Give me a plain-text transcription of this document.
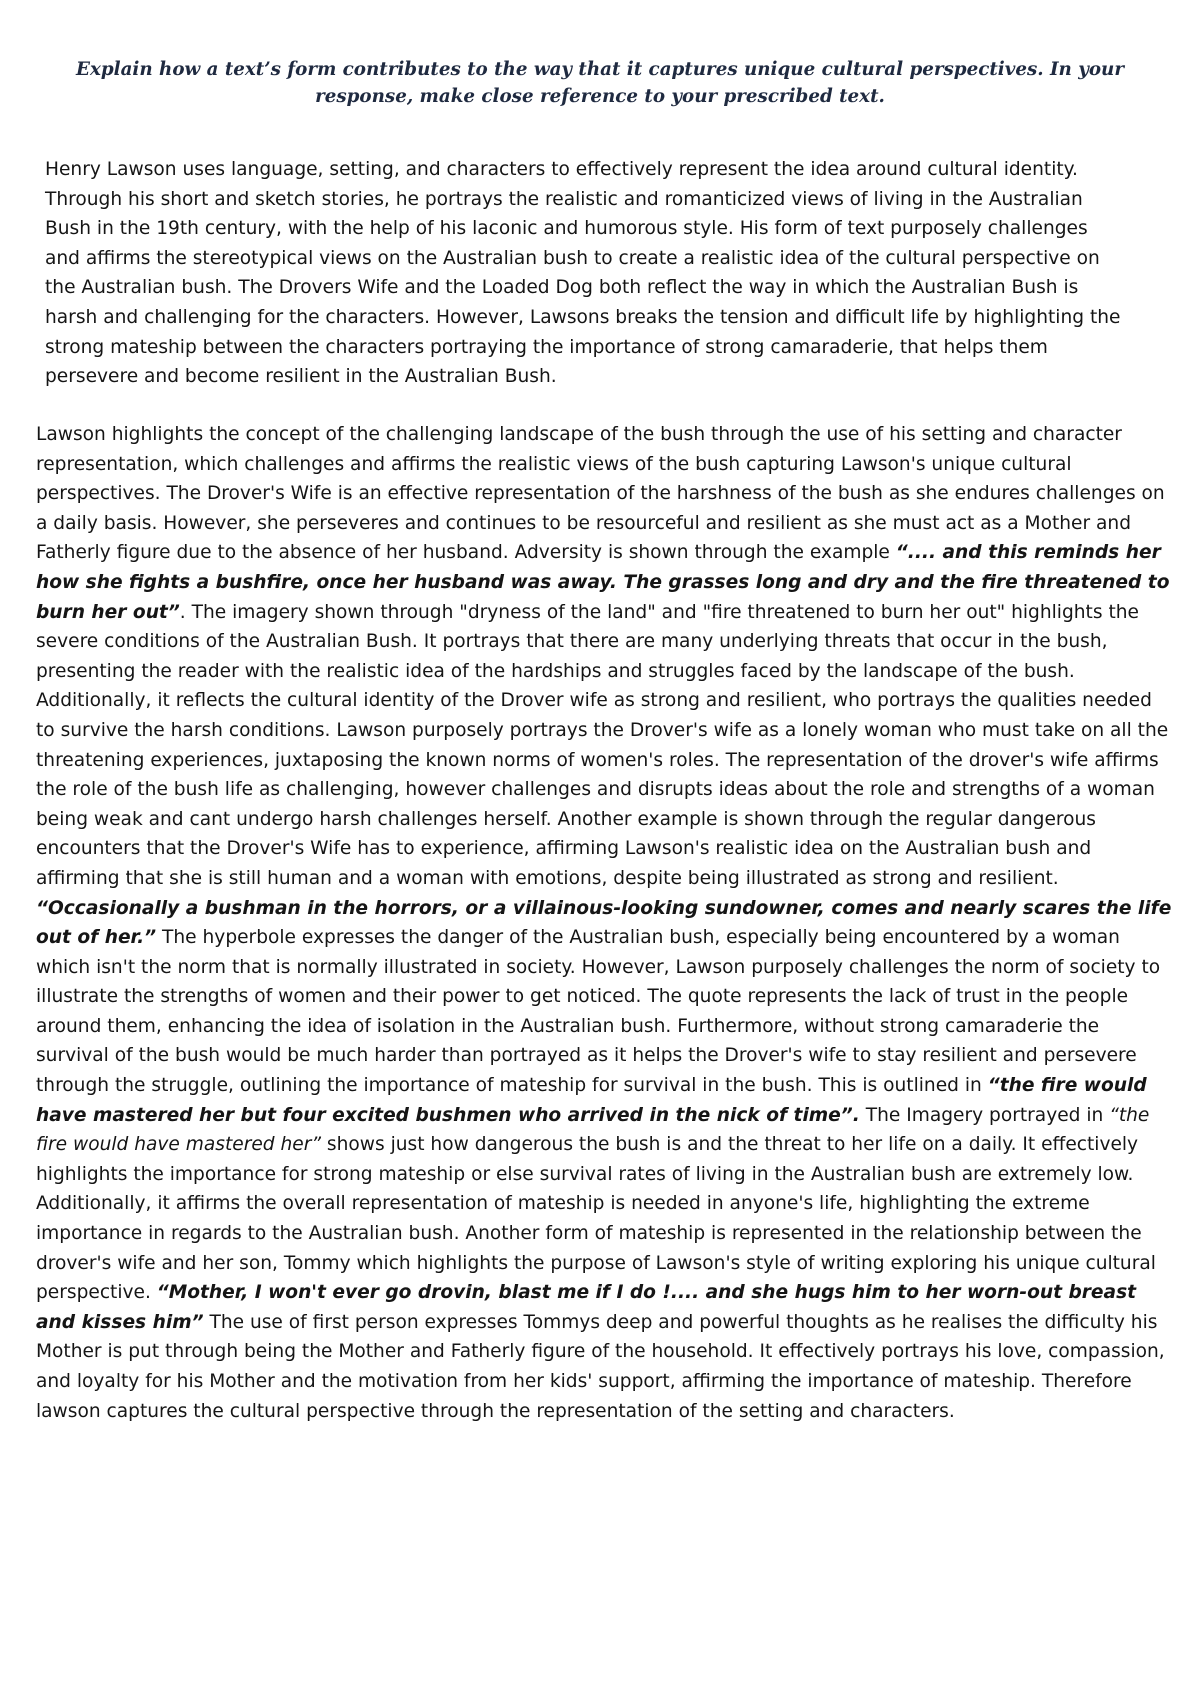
Explain how a text’s form contributes to the way that it captures unique cultural perspectives. In your response, make close reference to your prescribed text.

Henry Lawson uses language, setting, and characters to effectively represent the idea around cultural identity. Through his short and sketch stories, he portrays the realistic and romanticized views of living in the Australian Bush in the 19th century, with the help of his laconic and humorous style. His form of text purposely challenges and affirms the stereotypical views on the Australian bush to create a realistic idea of the cultural perspective on the Australian bush. The Drovers Wife and the Loaded Dog both reflect the way in which the Australian Bush is harsh and challenging for the characters. However, Lawsons breaks the tension and difficult life by highlighting the strong mateship between the characters portraying the importance of strong camaraderie, that helps them persevere and become resilient in the Australian Bush.

Lawson highlights the concept of the challenging landscape of the bush through the use of his setting and character representation, which challenges and affirms the realistic views of the bush capturing Lawson's unique cultural perspectives. The Drover's Wife is an effective representation of the harshness of the bush as she endures challenges on a daily basis. However, she perseveres and continues to be resourceful and resilient as she must act as a Mother and Fatherly figure due to the absence of her husband. Adversity is shown through the example “.... and this reminds her how she fights a bushfire, once her husband was away. The grasses long and dry and the fire threatened to burn her out”. The imagery shown through "dryness of the land" and "fire threatened to burn her out" highlights the severe conditions of the Australian Bush. It portrays that there are many underlying threats that occur in the bush, presenting the reader with the realistic idea of the hardships and struggles faced by the landscape of the bush. Additionally, it reflects the cultural identity of the Drover wife as strong and resilient, who portrays the qualities needed to survive the harsh conditions. Lawson purposely portrays the Drover's wife as a lonely woman who must take on all the threatening experiences, juxtaposing the known norms of women's roles. The representation of the drover's wife affirms the role of the bush life as challenging, however challenges and disrupts ideas about the role and strengths of a woman being weak and cant undergo harsh challenges herself. Another example is shown through the regular dangerous encounters that the Drover's Wife has to experience, affirming Lawson's realistic idea on the Australian bush and affirming that she is still human and a woman with emotions, despite being illustrated as strong and resilient. “Occasionally a bushman in the horrors, or a villainous-looking sundowner, comes and nearly scares the life out of her.” The hyperbole expresses the danger of the Australian bush, especially being encountered by a woman which isn't the norm that is normally illustrated in society. However, Lawson purposely challenges the norm of society to illustrate the strengths of women and their power to get noticed. The quote represents the lack of trust in the people around them, enhancing the idea of isolation in the Australian bush. Furthermore, without strong camaraderie the survival of the bush would be much harder than portrayed as it helps the Drover's wife to stay resilient and persevere through the struggle, outlining the importance of mateship for survival in the bush. This is outlined in “the fire would have mastered her but four excited bushmen who arrived in the nick of time”. The Imagery portrayed in “the fire would have mastered her” shows just how dangerous the bush is and the threat to her life on a daily. It effectively highlights the importance for strong mateship or else survival rates of living in the Australian bush are extremely low. Additionally, it affirms the overall representation of mateship is needed in anyone's life, highlighting the extreme importance in regards to the Australian bush. Another form of mateship is represented in the relationship between the drover's wife and her son, Tommy which highlights the purpose of Lawson's style of writing exploring his unique cultural perspective. “Mother, I won't ever go drovin, blast me if I do !.... and she hugs him to her worn-out breast and kisses him” The use of first person expresses Tommys deep and powerful thoughts as he realises the difficulty his Mother is put through being the Mother and Fatherly figure of the household. It effectively portrays his love, compassion, and loyalty for his Mother and the motivation from her kids' support, affirming the importance of mateship. Therefore lawson captures the cultural perspective through the representation of the setting and characters.
